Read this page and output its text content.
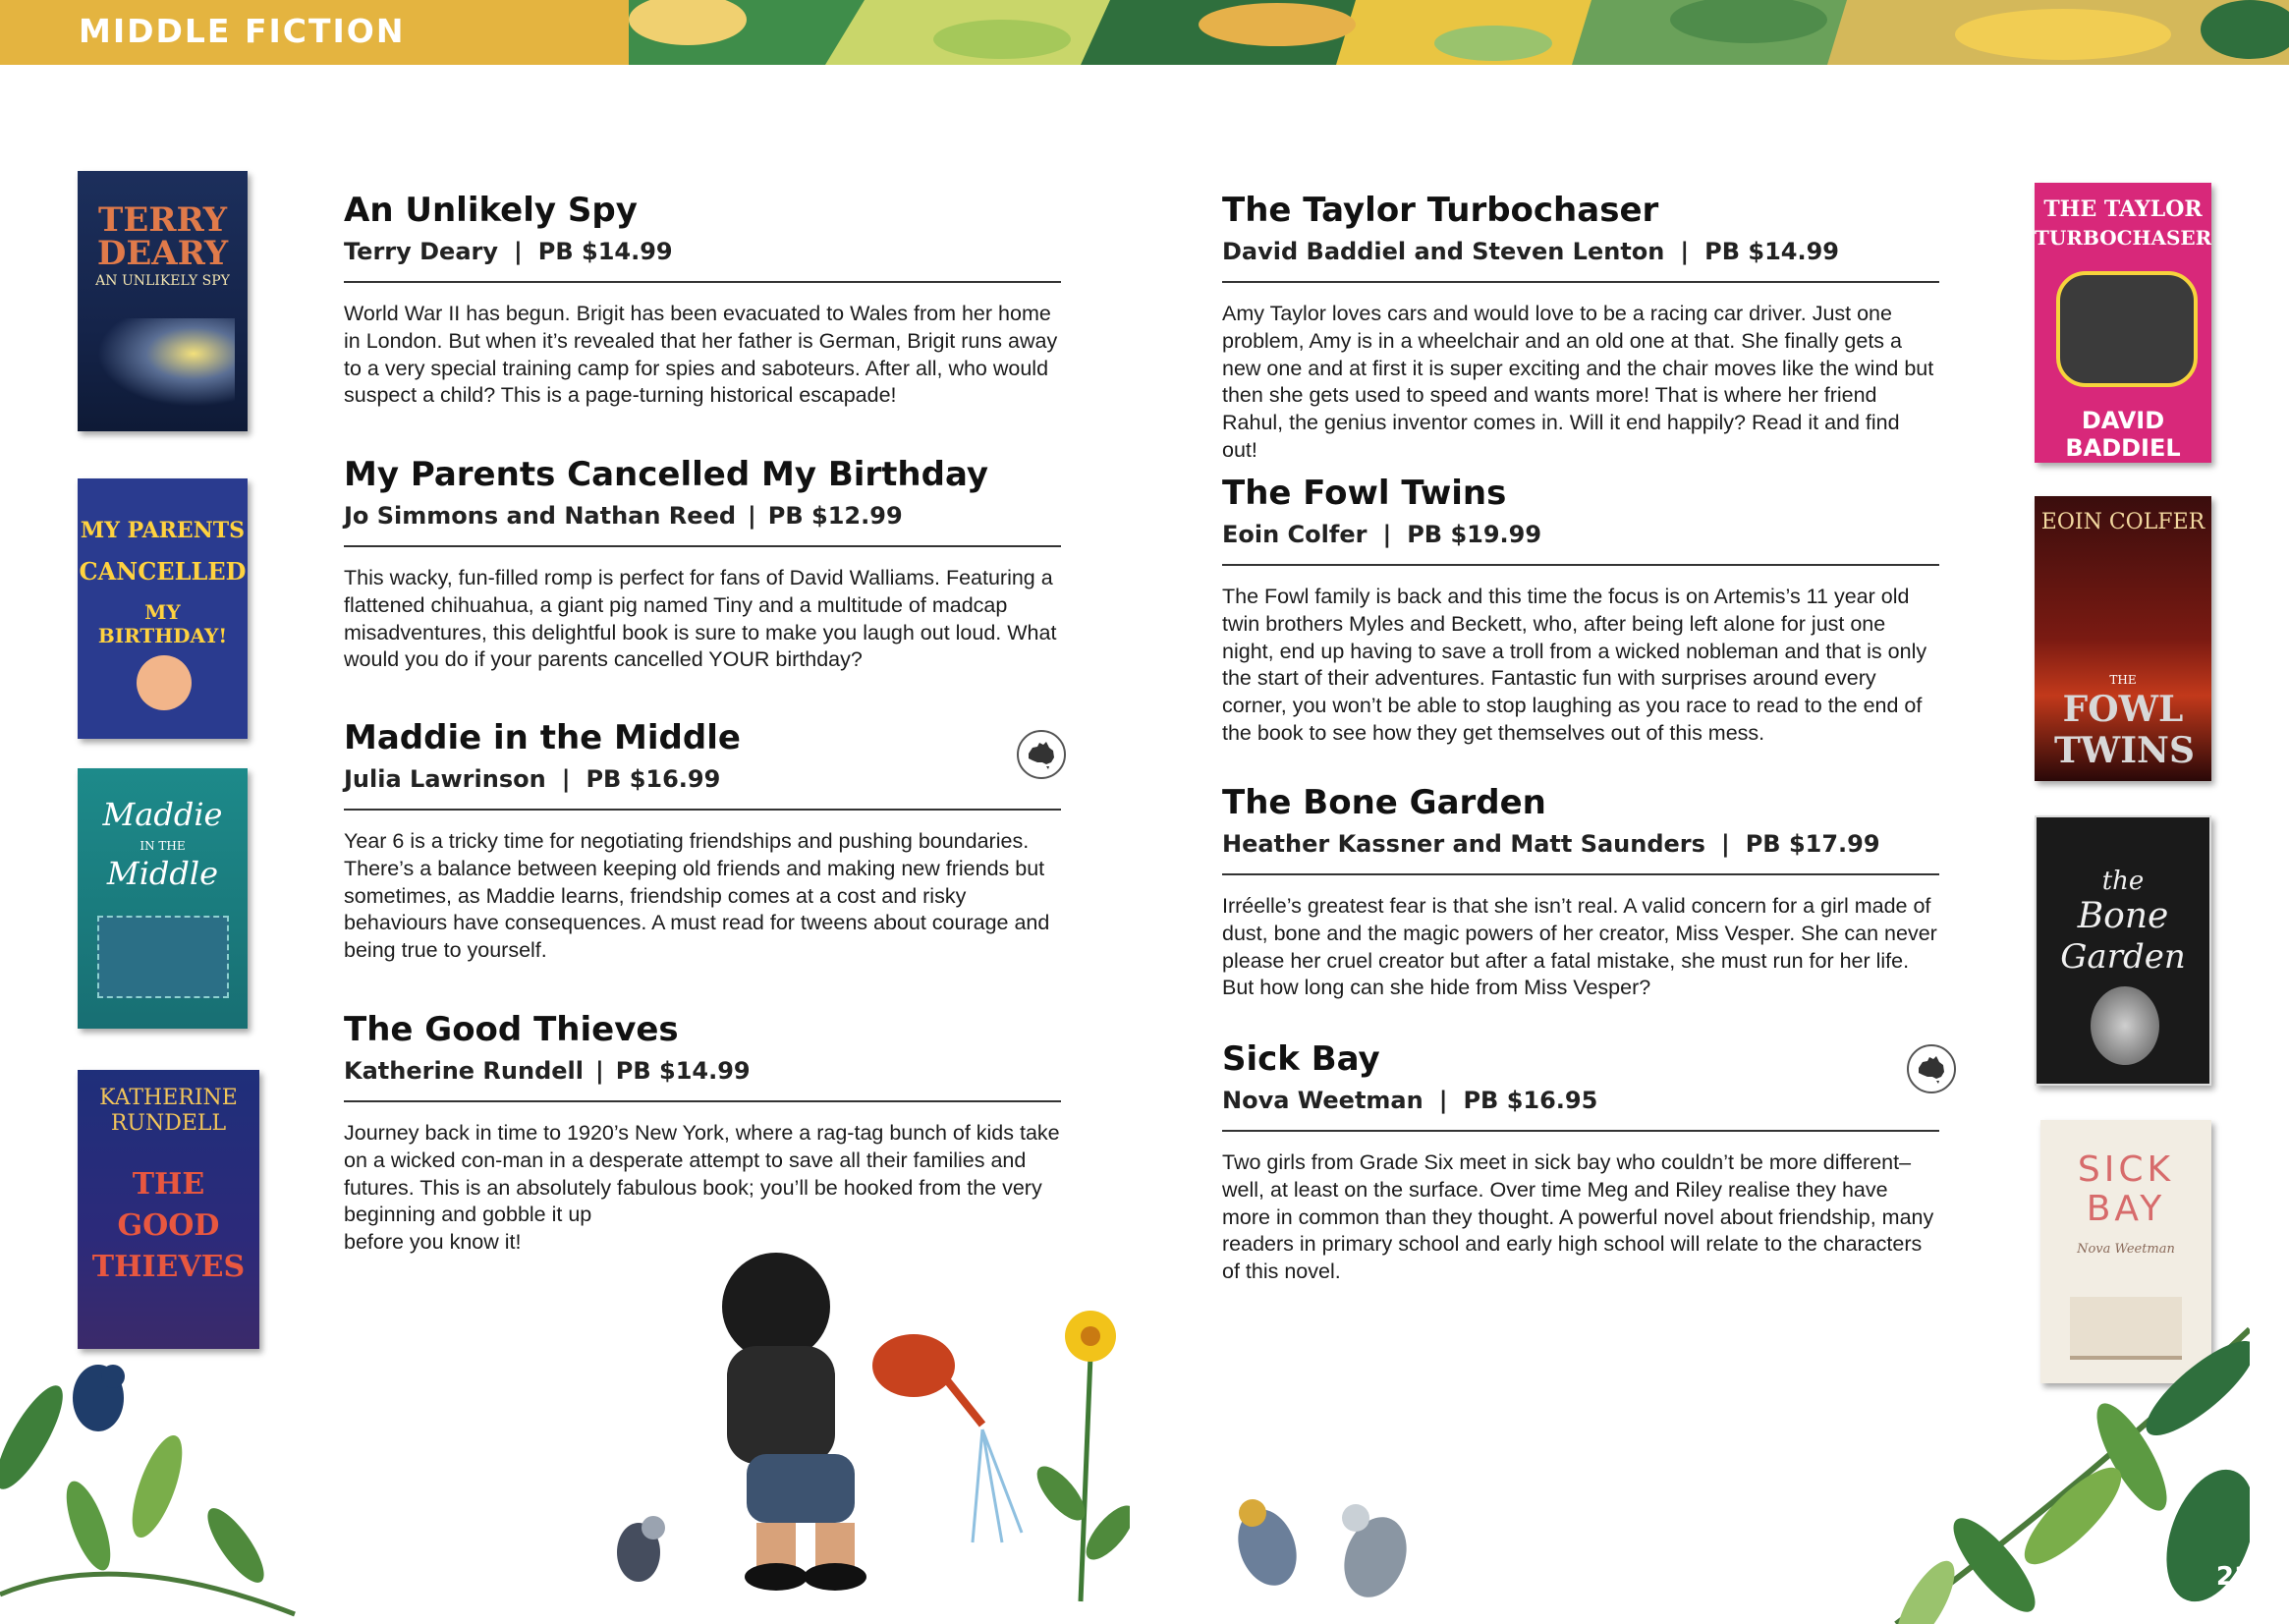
MIDDLE FICTION
TERRY
DEARY
AN UNLIKELY SPY
MY PARENTS
CANCELLED
MY BIRTHDAY!
Maddie
IN THE
Middle
KATHERINE
RUNDELL
THE GOOD THIEVES
THE TAYLOR
TURBOCHASER
DAVID BADDIEL
EOIN COLFER
THE
FOWL TWINS
the
Bone
Garden
SICK
BAY
Nova Weetman
An Unlikely Spy
Terry Deary | PB $14.99

World War II has begun. Brigit has been evacuated to Wales from her home in London. But when it’s revealed that her father is German, Brigit runs away to a very special training camp for spies and saboteurs. After all, who would suspect a child? This is a page-turning historical escapade!

My Parents Cancelled My Birthday
Jo Simmons and Nathan Reed | PB $12.99

This wacky, fun-filled romp is perfect for fans of David Walliams. Featuring a flattened chihuahua, a giant pig named Tiny and a multitude of madcap misadventures, this delightful book is sure to make you laugh out loud. What would you do if your parents cancelled YOUR birthday?

Maddie in the Middle
Julia Lawrinson | PB $16.99

Year 6 is a tricky time for negotiating friendships and pushing boundaries. There’s a balance between keeping old friends and making new friends but sometimes, as Maddie learns, friendship comes at a cost and risky behaviours have consequences. A must read for tweens about courage and being true to yourself.

The Good Thieves
Katherine Rundell | PB $14.99

Journey back in time to 1920’s New York, where a rag-tag bunch of kids take on a wicked con-man in a desperate attempt to save all their families and futures. This is an absolutely fabulous book; you’ll be hooked from the very beginning and gobble it up
before you know it!

The Taylor Turbochaser
David Baddiel and Steven Lenton | PB $14.99

Amy Taylor loves cars and would love to be a racing car driver. Just one problem, Amy is in a wheelchair and an old one at that. She finally gets a new one and at first it is super exciting and the chair moves like the wind but then she gets used to speed and wants more! That is where her friend Rahul, the genius inventor comes in. Will it end happily? Read it and find out!

The Fowl Twins
Eoin Colfer | PB $19.99

The Fowl family is back and this time the focus is on Artemis’s 11 year old twin brothers Myles and Beckett, who, after being left alone for just one night, end up having to save a troll from a wicked nobleman and that is only the start of their adventures. Fantastic fun with surprises around every corner, you won’t be able to stop laughing as you race to read to the end of the book to see how they get themselves out of this mess.

The Bone Garden
Heather Kassner and Matt Saunders | PB $17.99

Irréelle’s greatest fear is that she isn’t real. A valid concern for a girl made of dust, bone and the magic powers of her creator, Miss Vesper. She can never please her cruel creator but after a fatal mistake, she must run for her life. But how long can she hide from Miss Vesper?

Sick Bay
Nova Weetman | PB $16.95

Two girls from Grade Six meet in sick bay who couldn’t be more different–well, at least on the surface. Over time Meg and Riley realise they have more in common than they thought. A powerful novel about friendship, many readers in primary school and early high school will relate to the characters of this novel.

21
